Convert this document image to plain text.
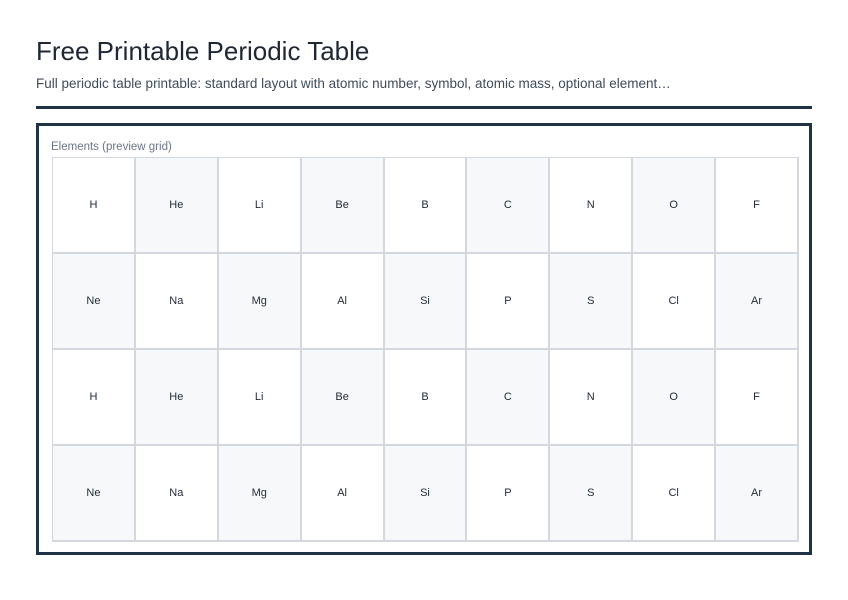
Free Printable Periodic Table

Full periodic table printable: standard layout with atomic number, symbol, atomic mass, optional element…

Elements (preview grid)
H	He	Li	Be	B	C	N	O	F
Ne	Na	Mg	Al	Si	P	S	Cl	Ar
H	He	Li	Be	B	C	N	O	F
Ne	Na	Mg	Al	Si	P	S	Cl	Ar
